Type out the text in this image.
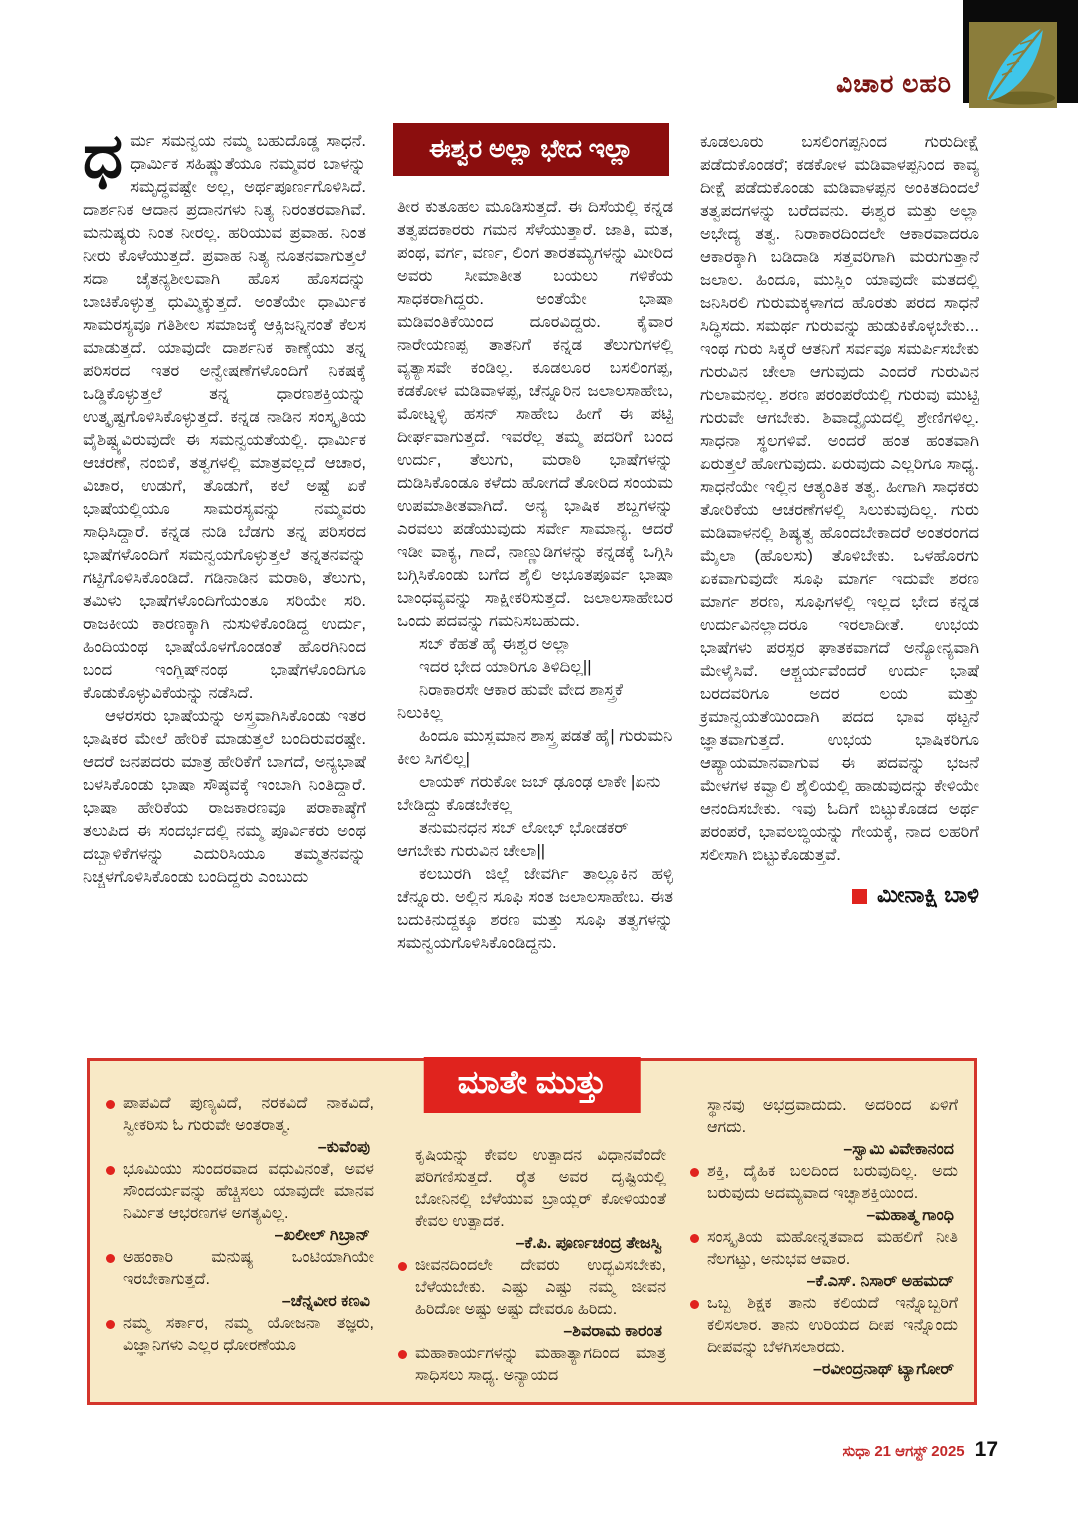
ವಿಚಾರ ಲಹರಿ
ಈಶ್ವರ ಅಲ್ಲಾ ಭೇದ ಇಲ್ಲಾ

ಧರ್ಮ ಸಮನ್ವಯ ನಮ್ಮ ಬಹುದೊಡ್ಡ ಸಾಧನೆ. ಧಾರ್ಮಿಕ ಸಹಿಷ್ಣುತೆಯೂ ನಮ್ಮವರ ಬಾಳನ್ನು ಸಮೃದ್ಧವಷ್ಟೇ ಅಲ್ಲ, ಅರ್ಥಪೂರ್ಣಗೊಳಿಸಿದೆ. ದಾರ್ಶನಿಕ ಆದಾನ ಪ್ರದಾನಗಳು ನಿತ್ಯ ನಿರಂತರವಾಗಿವೆ. ಮನುಷ್ಯರು ನಿಂತ ನೀರಲ್ಲ. ಹರಿಯುವ ಪ್ರವಾಹ. ನಿಂತ ನೀರು ಕೊಳೆಯುತ್ತದೆ. ಪ್ರವಾಹ ನಿತ್ಯ ನೂತನವಾಗುತ್ತಲೆ ಸದಾ ಚೈತನ್ಯಶೀಲವಾಗಿ ಹೊಸ ಹೊಸದನ್ನು ಬಾಚಿಕೊಳ್ಳುತ್ತ ಧುಮ್ಮಿಕ್ಕುತ್ತದೆ. ಅಂತೆಯೇ ಧಾರ್ಮಿಕ ಸಾಮರಸ್ಯವೂ ಗತಿಶೀಲ ಸಮಾಜಕ್ಕೆ ಆಕ್ಸಿಜನ್ನಿನಂತೆ ಕೆಲಸ ಮಾಡುತ್ತದೆ. ಯಾವುದೇ ದಾರ್ಶನಿಕ ಕಾಣ್ಕೆಯು ತನ್ನ ಪರಿಸರದ ಇತರ ಅನ್ವೇಷಣೆಗಳೊಂದಿಗೆ ನಿಕಷಕ್ಕೆ ಒಡ್ಡಿಕೊಳ್ಳುತ್ತಲೆ ತನ್ನ ಧಾರಣಶಕ್ತಿಯನ್ನು ಉತ್ಕೃಷ್ಟಗೊಳಿಸಿಕೊಳ್ಳುತ್ತದೆ. ಕನ್ನಡ ನಾಡಿನ ಸಂಸ್ಕೃತಿಯ ವೈಶಿಷ್ಟ್ಯವಿರುವುದೇ ಈ ಸಮನ್ವಯತೆಯಲ್ಲಿ. ಧಾರ್ಮಿಕ ಆಚರಣೆ, ನಂಬಿಕೆ, ತತ್ವಗಳಲ್ಲಿ ಮಾತ್ರವಲ್ಲದೆ ಆಚಾರ, ವಿಚಾರ, ಉಡುಗೆ, ತೊಡುಗೆ, ಕಲೆ ಅಷ್ಟೆ ಏಕೆ ಭಾಷೆಯಲ್ಲಿಯೂ ಸಾಮರಸ್ಯವನ್ನು ನಮ್ಮವರು ಸಾಧಿಸಿದ್ದಾರೆ. ಕನ್ನಡ ನುಡಿ ಬೆಡಗು ತನ್ನ ಪರಿಸರದ ಭಾಷೆಗಳೊಂದಿಗೆ ಸಮನ್ವಯಗೊಳ್ಳುತ್ತಲೆ ತನ್ನತನವನ್ನು ಗಟ್ಟಿಗೊಳಿಸಿಕೊಂಡಿದೆ. ಗಡಿನಾಡಿನ ಮರಾಠಿ, ತೆಲುಗು, ತಮಿಳು ಭಾಷೆಗಳೊಂದಿಗೆಯಂತೂ ಸರಿಯೇ ಸರಿ. ರಾಜಕೀಯ ಕಾರಣಕ್ಕಾಗಿ ನುಸುಳಿಕೊಂಡಿದ್ದ ಉರ್ದು, ಹಿಂದಿಯಂಥ ಭಾಷೆಯೊಳಗೊಂಡಂತೆ ಹೊರಗಿನಿಂದ ಬಂದ ಇಂಗ್ಲಿಷ್‌ನಂಥ ಭಾಷೆಗಳೊಂದಿಗೂ ಕೊಡುಕೊಳ್ಳುವಿಕೆಯನ್ನು ನಡೆಸಿದೆ.

ಆಳರಸರು ಭಾಷೆಯನ್ನು ಅಸ್ತ್ರವಾಗಿಸಿಕೊಂಡು ಇತರ ಭಾಷಿಕರ ಮೇಲೆ ಹೇರಿಕೆ ಮಾಡುತ್ತಲೆ ಬಂದಿರುವರಷ್ಟೇ. ಆದರೆ ಜನಪದರು ಮಾತ್ರ ಹೇರಿಕೆಗೆ ಬಾಗದೆ, ಅನ್ಯಭಾಷೆ ಬಳಸಿಕೊಂಡು ಭಾಷಾ ಸೌಷ್ಠವಕ್ಕೆ ಇಂಬಾಗಿ ನಿಂತಿದ್ದಾರೆ. ಭಾಷಾ ಹೇರಿಕೆಯ ರಾಜಕಾರಣವೂ ಪರಾಕಾಷ್ಠೆಗೆ ತಲುಪಿದ ಈ ಸಂದರ್ಭದಲ್ಲಿ ನಮ್ಮ ಪೂರ್ವಿಕರು ಅಂಥ ದಬ್ಬಾಳಿಕೆಗಳನ್ನು ಎದುರಿಸಿಯೂ ತಮ್ಮತನವನ್ನು ನಿಚ್ಚಳಗೊಳಿಸಿಕೊಂಡು ಬಂದಿದ್ದರು ಎಂಬುದು

ತೀರ ಕುತೂಹಲ ಮೂಡಿಸುತ್ತದೆ. ಈ ದಿಸೆಯಲ್ಲಿ ಕನ್ನಡ ತತ್ವಪದಕಾರರು ಗಮನ ಸೆಳೆಯುತ್ತಾರೆ. ಜಾತಿ, ಮತ, ಪಂಥ, ವರ್ಗ, ವರ್ಣ, ಲಿಂಗ ತಾರತಮ್ಯಗಳನ್ನು ಮೀರಿದ ಅವರು ಸೀಮಾತೀತ ಬಯಲು ಗಳಿಕೆಯ ಸಾಧಕರಾಗಿದ್ದರು. ಅಂತೆಯೇ ಭಾಷಾ ಮಡಿವಂತಿಕೆಯಿಂದ ದೂರವಿದ್ದರು. ಕೈವಾರ ನಾರೇಯಣಪ್ಪ ತಾತನಿಗೆ ಕನ್ನಡ ತೆಲುಗುಗಳಲ್ಲಿ ವ್ಯತ್ಯಾಸವೇ ಕಂಡಿಲ್ಲ. ಕೂಡಲೂರ ಬಸಲಿಂಗಪ್ಪ, ಕಡಕೋಳ ಮಡಿವಾಳಪ್ಪ, ಚೆನ್ನೂರಿನ ಜಲಾಲಸಾಹೇಬ, ಮೋಟ್ನಳ್ಳಿ ಹಸನ್ ಸಾಹೇಬ ಹೀಗೆ ಈ ಪಟ್ಟಿ ದೀರ್ಘವಾಗುತ್ತದೆ. ಇವರೆಲ್ಲ ತಮ್ಮ ಪದರಿಗೆ ಬಂದ ಉರ್ದು, ತೆಲುಗು, ಮರಾಠಿ ಭಾಷೆಗಳನ್ನು ದುಡಿಸಿಕೊಂಡೂ ಕಳೆದು ಹೋಗದೆ ತೋರಿದ ಸಂಯಮ ಉಪಮಾತೀತವಾಗಿದೆ. ಅನ್ಯ ಭಾಷಿಕ ಶಬ್ದಗಳನ್ನು ಎರವಲು ಪಡೆಯುವುದು ಸರ್ವೇ ಸಾಮಾನ್ಯ. ಆದರೆ ಇಡೀ ವಾಕ್ಯ, ಗಾದೆ, ನಾಣ್ಣುಡಿಗಳನ್ನು ಕನ್ನಡಕ್ಕೆ ಒಗ್ಗಿಸಿ ಬಗ್ಗಿಸಿಕೊಂಡು ಬಗೆದ ಶೈಲಿ ಅಭೂತಪೂರ್ವ ಭಾಷಾ ಬಾಂಧವ್ಯವನ್ನು ಸಾಕ್ಷೀಕರಿಸುತ್ತದೆ. ಜಲಾಲಸಾಹೇಬರ ಒಂದು ಪದವನ್ನು ಗಮನಿಸಬಹುದು.

ಸಬ್ ಕೆಹತೆ ಹೈ ಈಶ್ವರ ಅಲ್ಲಾ

ಇದರ ಭೇದ ಯಾರಿಗೂ ತಿಳಿದಿಲ್ಲ||

ನಿರಾಕಾರಸೇ ಆಕಾರ ಹುವೇ ವೇದ ಶಾಸ್ತ್ರಕೆ ನಿಲುಕಿಲ್ಲ

ಹಿಂದೂ ಮುಸ್ಲಮಾನ ಶಾಸ್ತ್ರ ಪಡತೆ ಹೈ| ಗುರುಮನಿ ಕೀಲ ಸಿಗಲಿಲ್ಲ|

ಲಾಯಕ್ ಗರುಕೋ ಜಬ್ ಢೂಂಢ ಲಾಕೇ |ಏನು ಬೇಡಿದ್ದು ಕೊಡಬೇಕಲ್ಲ

ತನುಮನಧನ ಸಬ್ ಲೋಭ್ ಭೋಡಕರ್ ಆಗಬೇಕು ಗುರುವಿನ ಚೇಲಾ||

ಕಲಬುರಗಿ ಜಿಲ್ಲೆ ಜೇವರ್ಗಿ ತಾಲ್ಲೂಕಿನ ಹಳ್ಳಿ ಚೆನ್ನೂರು. ಅಲ್ಲಿನ ಸೂಫಿ ಸಂತ ಜಲಾಲಸಾಹೇಬ. ಈತ ಬದುಕಿನುದ್ದಕ್ಕೂ ಶರಣ ಮತ್ತು ಸೂಫಿ ತತ್ವಗಳನ್ನು ಸಮನ್ವಯಗೊಳಿಸಿಕೊಂಡಿದ್ದನು.

ಕೂಡಲೂರು ಬಸಲಿಂಗಪ್ಪನಿಂದ ಗುರುದೀಕ್ಷೆ ಪಡೆದುಕೊಂಡರೆ; ಕಡಕೋಳ ಮಡಿವಾಳಪ್ಪನಿಂದ ಕಾವ್ಯ ದೀಕ್ಷೆ ಪಡೆದುಕೊಂಡು ಮಡಿವಾಳಪ್ಪನ ಅಂಕಿತದಿಂದಲೆ ತತ್ವಪದಗಳನ್ನು ಬರೆದವನು. ಈಶ್ವರ ಮತ್ತು ಅಲ್ಲಾ ಅಭೇದ್ಯ ತತ್ವ. ನಿರಾಕಾರದಿಂದಲೇ ಆಕಾರವಾದರೂ ಆಕಾರಕ್ಕಾಗಿ ಬಡಿದಾಡಿ ಸತ್ತವರಿಗಾಗಿ ಮರುಗುತ್ತಾನೆ ಜಲಾಲ. ಹಿಂದೂ, ಮುಸ್ಲಿಂ ಯಾವುದೇ ಮತದಲ್ಲಿ ಜನಿಸಿರಲಿ ಗುರುಮಕ್ಕಳಾಗದ ಹೊರತು ಪರದ ಸಾಧನೆ ಸಿದ್ಧಿಸದು. ಸಮರ್ಥ ಗುರುವನ್ನು ಹುಡುಕಿಕೊಳ್ಳಬೇಕು... ಇಂಥ ಗುರು ಸಿಕ್ಕರೆ ಆತನಿಗೆ ಸರ್ವವೂ ಸಮರ್ಪಿಸಬೇಕು ಗುರುವಿನ ಚೇಲಾ ಆಗುವುದು ಎಂದರೆ ಗುರುವಿನ ಗುಲಾಮನಲ್ಲ. ಶರಣ ಪರಂಪರೆಯಲ್ಲಿ ಗುರುವು ಮುಟ್ಟಿ ಗುರುವೇ ಆಗಬೇಕು. ಶಿವಾದ್ವೈಯದಲ್ಲಿ ಶ್ರೇಣಿಗಳಿಲ್ಲ. ಸಾಧನಾ ಸ್ಥಲಗಳಿವೆ. ಅಂದರೆ ಹಂತ ಹಂತವಾಗಿ ಏರುತ್ತಲೆ ಹೋಗುವುದು. ಏರುವುದು ಎಲ್ಲರಿಗೂ ಸಾಧ್ಯ. ಸಾಧನೆಯೇ ಇಲ್ಲಿನ ಆತ್ಯಂತಿಕ ತತ್ವ. ಹೀಗಾಗಿ ಸಾಧಕರು ತೋರಿಕೆಯ ಆಚರಣೆಗಳಲ್ಲಿ ಸಿಲುಕುವುದಿಲ್ಲ. ಗುರು ಮಡಿವಾಳನಲ್ಲಿ ಶಿಷ್ಯತ್ವ ಹೊಂದಬೇಕಾದರೆ ಅಂತರಂಗದ ಮೈಲಾ (ಹೊಲಸು) ತೊಳಿಬೇಕು. ಒಳಹೊರಗು ಏಕವಾಗುವುದೇ ಸೂಫಿ ಮಾರ್ಗ ಇದುವೇ ಶರಣ ಮಾರ್ಗ ಶರಣ, ಸೂಫಿಗಳಲ್ಲಿ ಇಲ್ಲದ ಭೇದ ಕನ್ನಡ ಉರ್ದುವಿನಲ್ಲಾದರೂ ಇರಲಾದೀತೆ. ಉಭಯ ಭಾಷೆಗಳು ಪರಸ್ಪರ ಘಾತಕವಾಗದೆ ಅನ್ಯೋನ್ಯವಾಗಿ ಮೇಳೈಸಿವೆ. ಆಶ್ಚರ್ಯವೆಂದರೆ ಉರ್ದು ಭಾಷೆ ಬರದವರಿಗೂ ಅದರ ಲಯ ಮತ್ತು ಕ್ರಮಾನ್ವಯತೆಯಿಂದಾಗಿ ಪದದ ಭಾವ ಥಟ್ಟನೆ ಜ್ಞಾತವಾಗುತ್ತದೆ. ಉಭಯ ಭಾಷಿಕರಿಗೂ ಆಪ್ಯಾಯಮಾನವಾಗುವ ಈ ಪದವನ್ನು ಭಜನೆ ಮೇಳಗಳ ಕವ್ವಾಲಿ ಶೈಲಿಯಲ್ಲಿ ಹಾಡುವುದನ್ನು ಕೇಳಿಯೇ ಆನಂದಿಸಬೇಕು. ಇವು ಓದಿಗೆ ಬಿಟ್ಟುಕೊಡದ ಅರ್ಥ ಪರಂಪರೆ, ಭಾವಲಬ್ಧಿಯನ್ನು ಗೇಯಕ್ಕೆ, ನಾದ ಲಹರಿಗೆ ಸಲೀಸಾಗಿ ಬಿಟ್ಟುಕೊಡುತ್ತವೆ.

ಮೀನಾಕ್ಷಿ ಬಾಳಿ
ಮಾತೇ ಮುತ್ತು
ಪಾಪವಿದೆ ಪುಣ್ಯವಿದೆ, ನರಕವಿದೆ ನಾಕವಿದೆ, ಸ್ವೀಕರಿಸು ಓ ಗುರುವೇ ಅಂತರಾತ್ಮ.
–ಕುವೆಂಪು
ಭೂಮಿಯು ಸುಂದರವಾದ ವಧುವಿನಂತೆ, ಅವಳ ಸೌಂದರ್ಯವನ್ನು ಹೆಚ್ಚಿಸಲು ಯಾವುದೇ ಮಾನವ ನಿರ್ಮಿತ ಆಭರಣಗಳ ಅಗತ್ಯವಿಲ್ಲ.
–ಖಲೀಲ್ ಗಿಬ್ರಾನ್
ಅಹಂಕಾರಿ ಮನುಷ್ಯ ಒಂಟಿಯಾಗಿಯೇ ಇರಬೇಕಾಗುತ್ತದೆ.
–ಚೆನ್ನವೀರ ಕಣವಿ
ನಮ್ಮ ಸರ್ಕಾರ, ನಮ್ಮ ಯೋಜನಾ ತಜ್ಞರು, ವಿಜ್ಞಾನಿಗಳು ಎಲ್ಲರ ಧೋರಣೆಯೂ
ಕೃಷಿಯನ್ನು ಕೇವಲ ಉತ್ಪಾದನ ವಿಧಾನವೆಂದೇ ಪರಿಗಣಿಸುತ್ತದೆ. ರೈತ ಅವರ ದೃಷ್ಟಿಯಲ್ಲಿ ಬೋನಿನಲ್ಲಿ ಬೆಳೆಯುವ ಬ್ರಾಯ್ಲರ್ ಕೋಳಿಯಂತೆ ಕೇವಲ ಉತ್ಪಾದಕ.
–ಕೆ.ಪಿ. ಪೂರ್ಣಚಂದ್ರ ತೇಜಸ್ವಿ
ಜೀವನದಿಂದಲೇ ದೇವರು ಉದ್ಭವಿಸಬೇಕು, ಬೆಳೆಯಬೇಕು. ಎಷ್ಟು ಎಷ್ಟು ನಮ್ಮ ಜೀವನ ಹಿರಿದೋ ಅಷ್ಟು ಅಷ್ಟು ದೇವರೂ ಹಿರಿದು.
–ಶಿವರಾಮ ಕಾರಂತ
ಮಹಾಕಾರ್ಯಗಳನ್ನು ಮಹಾತ್ಯಾಗದಿಂದ ಮಾತ್ರ ಸಾಧಿಸಲು ಸಾಧ್ಯ. ಅನ್ಯಾಯದ
ಸ್ಥಾನವು ಅಭದ್ರವಾದುದು. ಅದರಿಂದ ಏಳಿಗೆ ಆಗದು.
–ಸ್ವಾಮಿ ವಿವೇಕಾನಂದ
ಶಕ್ತಿ, ದೈಹಿಕ ಬಲದಿಂದ ಬರುವುದಿಲ್ಲ. ಅದು ಬರುವುದು ಅದಮ್ಯವಾದ ಇಚ್ಛಾಶಕ್ತಿಯಿಂದ.
–ಮಹಾತ್ಮ ಗಾಂಧಿ
ಸಂಸ್ಕೃತಿಯ ಮಹೋನ್ನತವಾದ ಮಹಲಿಗೆ ನೀತಿ ನೆಲಗಟ್ಟು, ಅನುಭವ ಆವಾರ.
–ಕೆ.ಎಸ್. ನಿಸಾರ್ ಅಹಮದ್
ಒಬ್ಬ ಶಿಕ್ಷಕ ತಾನು ಕಲಿಯದೆ ಇನ್ನೊಬ್ಬರಿಗೆ ಕಲಿಸಲಾರ. ತಾನು ಉರಿಯದ ದೀಪ ಇನ್ನೊಂದು ದೀಪವನ್ನು ಬೆಳಗಿಸಲಾರದು.
–ರವೀಂದ್ರನಾಥ್ ಟ್ಯಾಗೋರ್
ಸುಧಾ 21 ಆಗಸ್ಟ್ 2025 17
